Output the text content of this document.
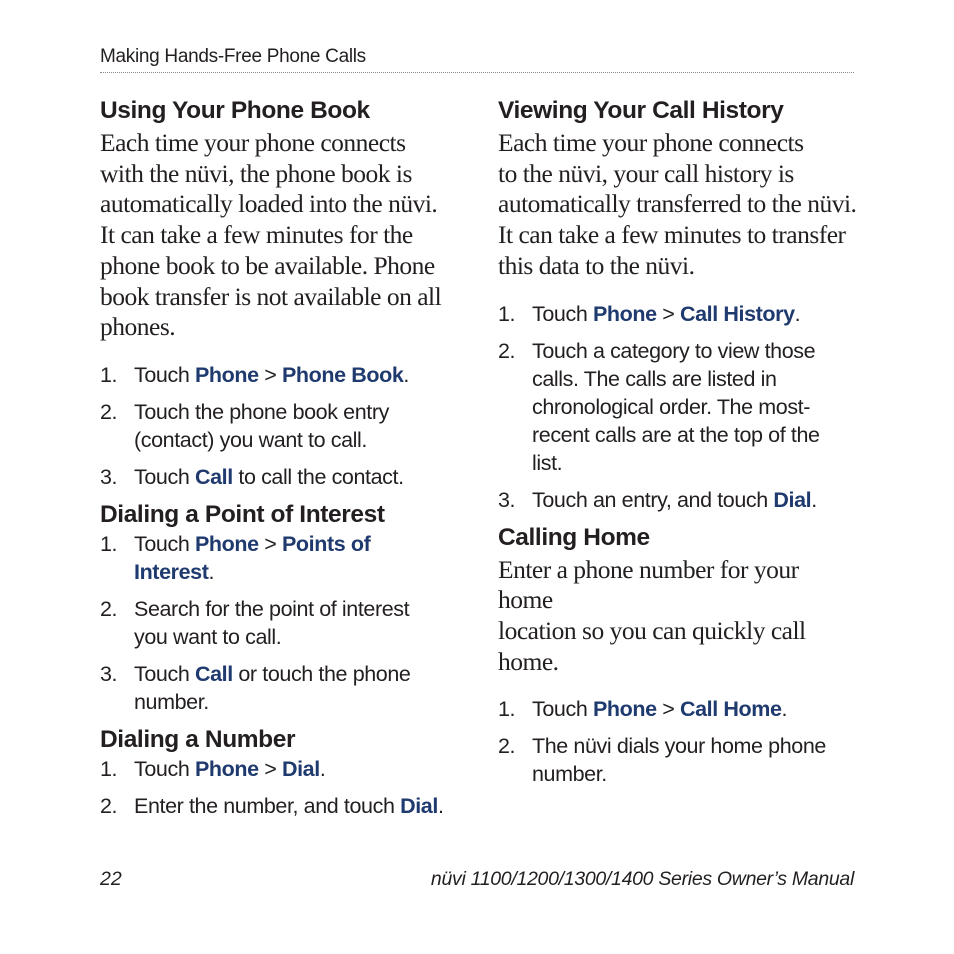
Making Hands-Free Phone Calls
Using Your Phone Book

Each time your phone connects
with the nüvi, the phone book is
automatically loaded into the nüvi.
It can take a few minutes for the
phone book to be available. Phone
book transfer is not available on all
phones.

1. Touch Phone > Phone Book.
2. Touch the phone book entry
(contact) you want to call.
3. Touch Call to call the contact.
Dialing a Point of Interest
1. Touch Phone > Points of
Interest.
2. Search for the point of interest
you want to call.
3. Touch Call or touch the phone
number.
Dialing a Number
1. Touch Phone > Dial.
2. Enter the number, and touch Dial.
Viewing Your Call History

Each time your phone connects
to the nüvi, your call history is
automatically transferred to the nüvi.
It can take a few minutes to transfer
this data to the nüvi.

1. Touch Phone > Call History.
2. Touch a category to view those
calls. The calls are listed in
chronological order. The most-
recent calls are at the top of the
list.
3. Touch an entry, and touch Dial.
Calling Home

Enter a phone number for your home
location so you can quickly call
home.

1. Touch Phone > Call Home.
2. The nüvi dials your home phone
number.
22	nüvi 1100/1200/1300/1400 Series Owner’s Manual
